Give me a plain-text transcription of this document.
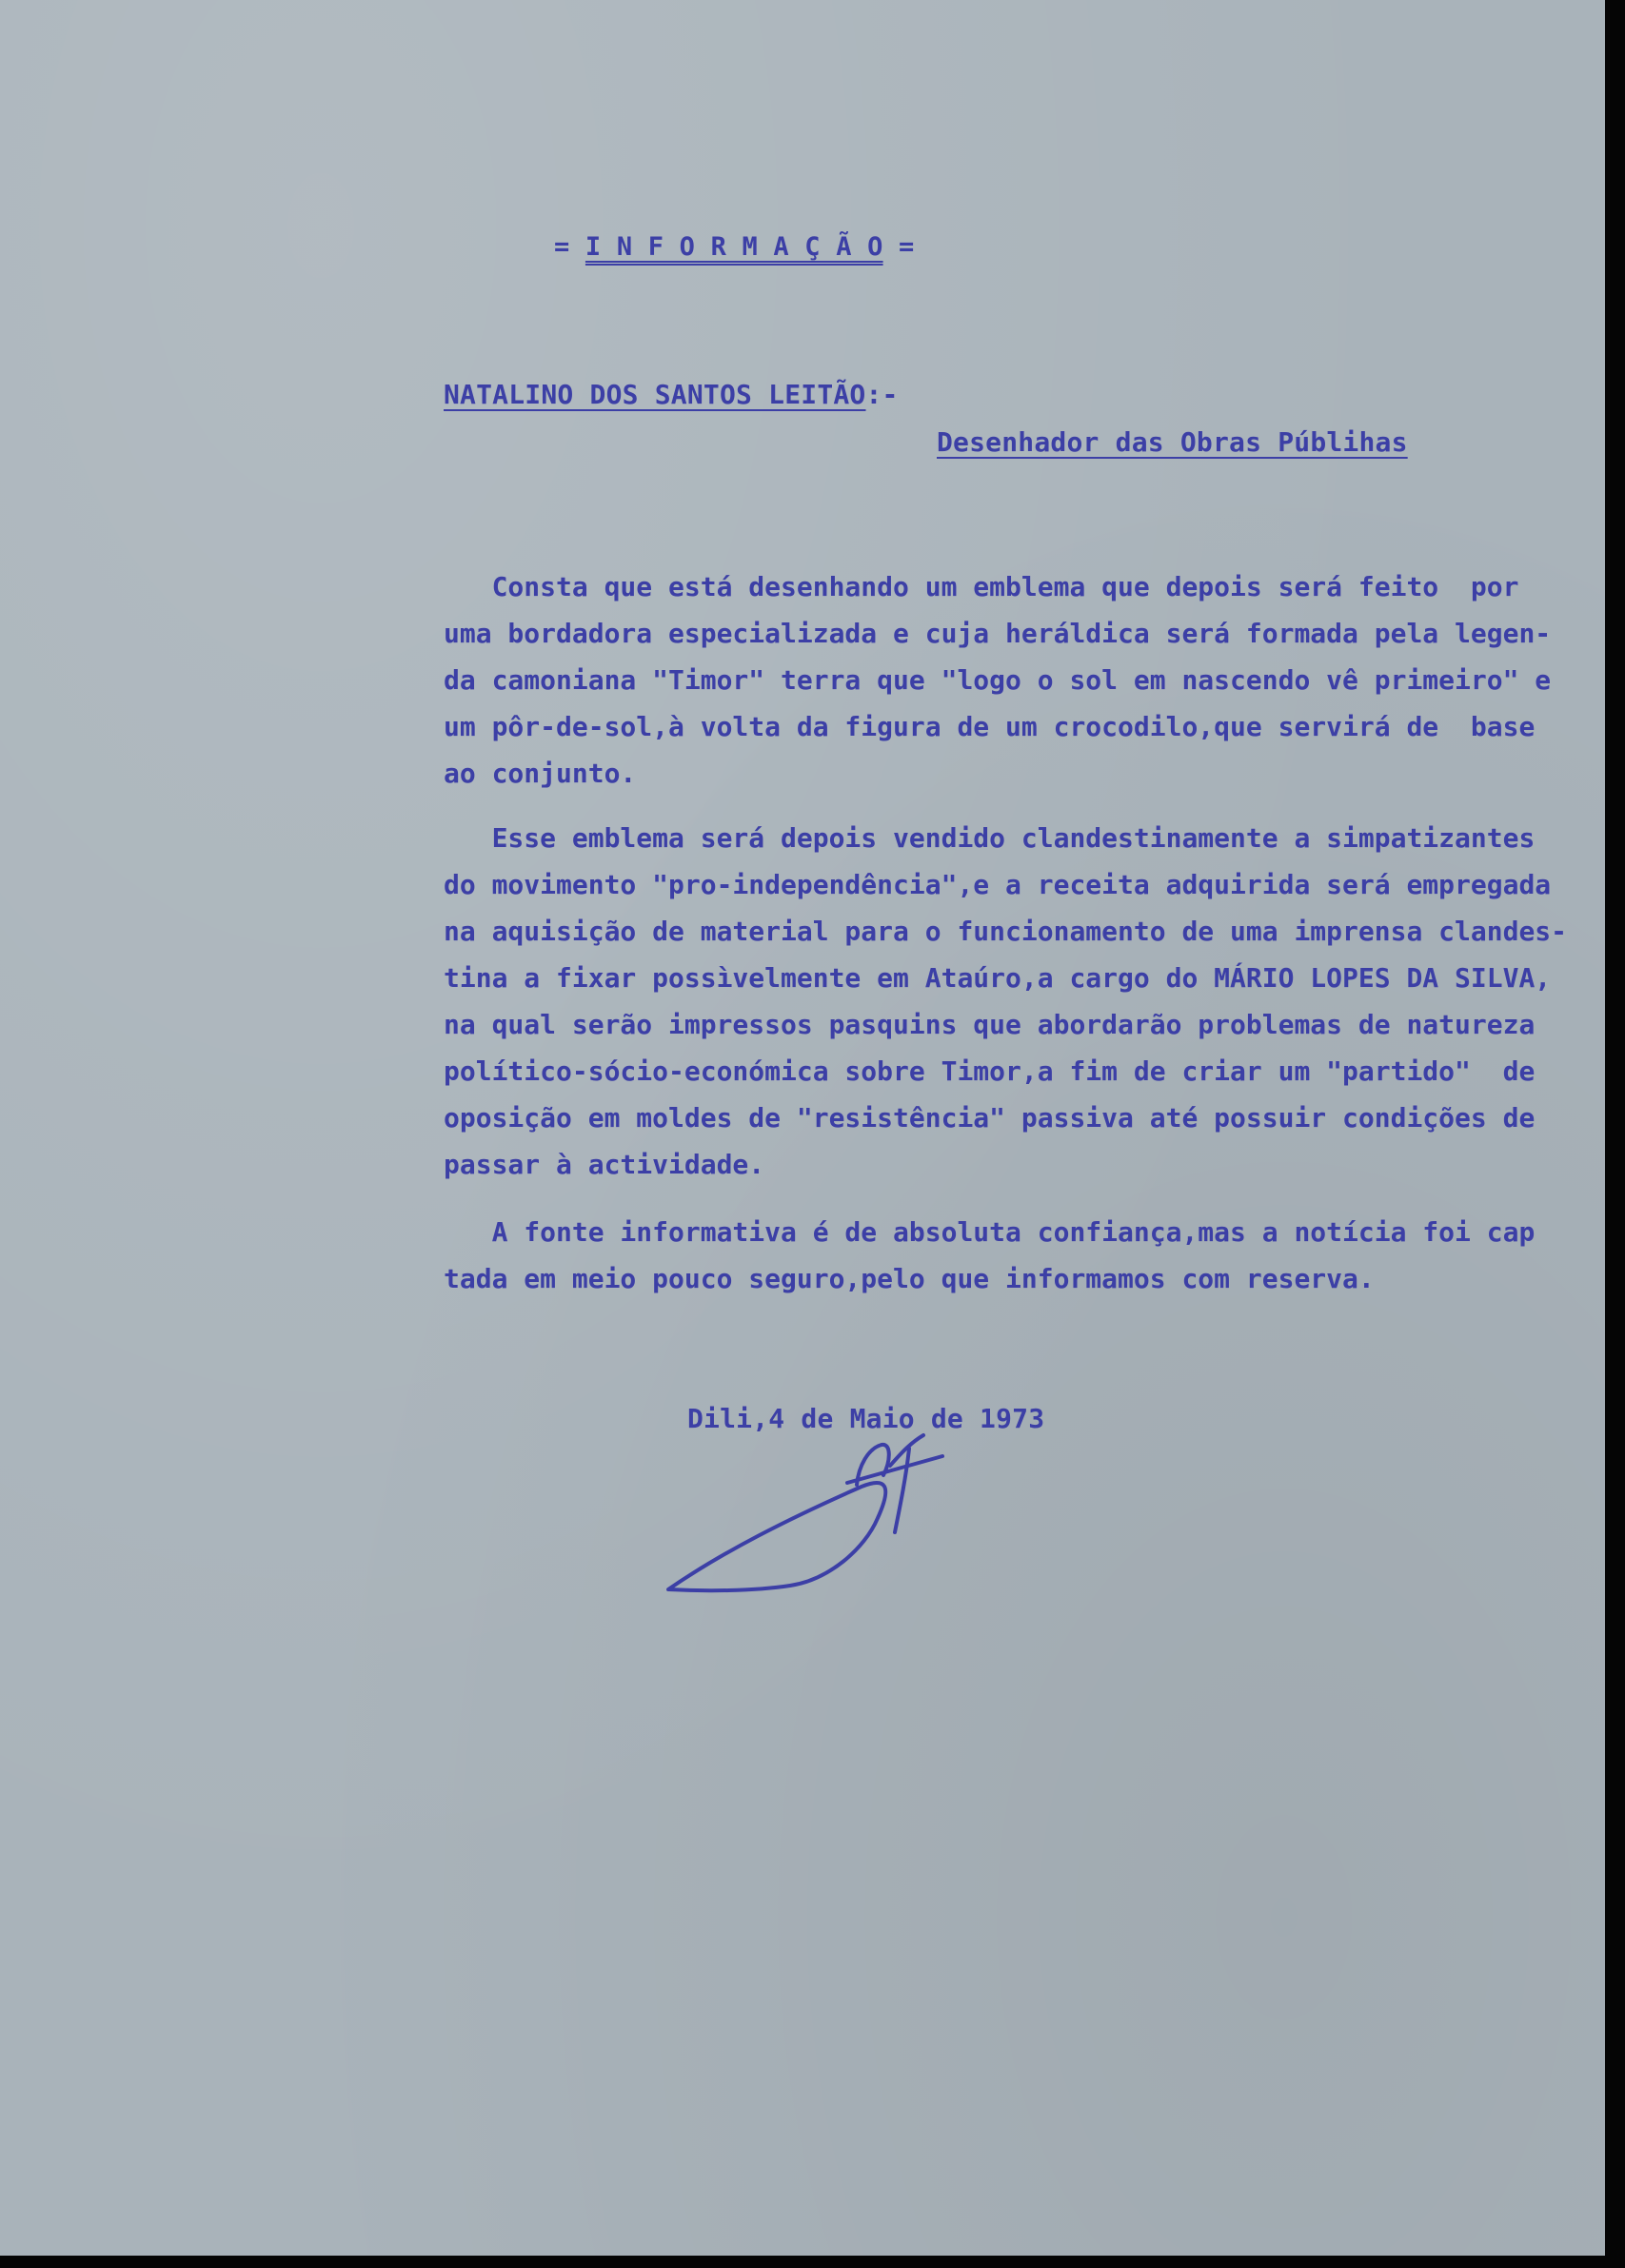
= I N F O R M A Ç Ã O =
NATALINO DOS SANTOS LEITÃO:-
Desenhador das Obras Públihas
Consta que está desenhando um emblema que depois será feito  por
uma bordadora especializada e cuja heráldica será formada pela legen-
da camoniana "Timor" terra que "logo o sol em nascendo vê primeiro" e
um pôr-de-sol,à volta da figura de um crocodilo,que servirá de  base
ao conjunto.
Esse emblema será depois vendido clandestinamente a simpatizantes
do movimento "pro-independência",e a receita adquirida será empregada
na aquisição de material para o funcionamento de uma imprensa clandes-
tina a fixar possìvelmente em Ataúro,a cargo do MÁRIO LOPES DA SILVA,
na qual serão impressos pasquins que abordarão problemas de natureza
político-sócio-económica sobre Timor,a fim de criar um "partido"  de
oposição em moldes de "resistência" passiva até possuir condições de
passar à actividade.
A fonte informativa é de absoluta confiança,mas a notícia foi cap
tada em meio pouco seguro,pelo que informamos com reserva.
Dili,4 de Maio de 1973
